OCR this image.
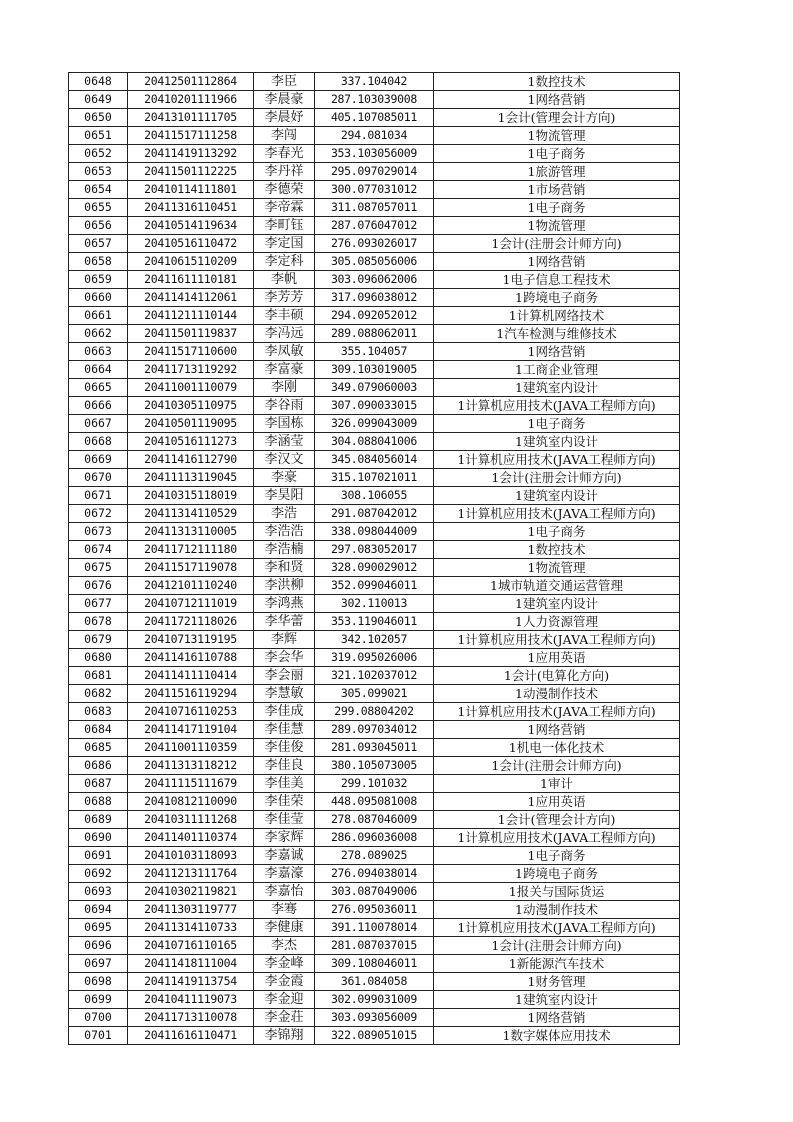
0648	20412501112864	李臣	337.104042	1数控技术
0649	20410201111966	李晨豪	287.103039008	1网络营销
0650	20413101111705	李晨妤	405.107085011	1会计(管理会计方向)
0651	20411517111258	李闯	294.081034	1物流管理
0652	20411419113292	李春光	353.103056009	1电子商务
0653	20411501112225	李丹祥	295.097029014	1旅游管理
0654	20410114111801	李德荣	300.077031012	1市场营销
0655	20411316110451	李帝霖	311.087057011	1电子商务
0656	20410514119634	李町钰	287.076047012	1物流管理
0657	20410516110472	李定国	276.093026017	1会计(注册会计师方向)
0658	20410615110209	李定科	305.085056006	1网络营销
0659	20411611110181	李帆	303.096062006	1电子信息工程技术
0660	20411414112061	李芳芳	317.096038012	1跨境电子商务
0661	20411211110144	李丰硕	294.092052012	1计算机网络技术
0662	20411501119837	李冯远	289.088062011	1汽车检测与维修技术
0663	20411517110600	李凤敏	355.104057	1网络营销
0664	20411713119292	李富豪	309.103019005	1工商企业管理
0665	20411001110079	李刚	349.079060003	1建筑室内设计
0666	20410305110975	李谷雨	307.090033015	1计算机应用技术(JAVA工程师方向)
0667	20410501119095	李国栋	326.099043009	1电子商务
0668	20410516111273	李涵莹	304.088041006	1建筑室内设计
0669	20411416112790	李汉文	345.084056014	1计算机应用技术(JAVA工程师方向)
0670	20411113119045	李豪	315.107021011	1会计(注册会计师方向)
0671	20410315118019	李昊阳	308.106055	1建筑室内设计
0672	20411314110529	李浩	291.087042012	1计算机应用技术(JAVA工程师方向)
0673	20411313110005	李浩浩	338.098044009	1电子商务
0674	20411712111180	李浩楠	297.083052017	1数控技术
0675	20411517119078	李和贤	328.090029012	1物流管理
0676	20412101110240	李洪柳	352.099046011	1城市轨道交通运营管理
0677	20410712111019	李鸿燕	302.110013	1建筑室内设计
0678	20411721118026	李华蕾	353.119046011	1人力资源管理
0679	20410713119195	李辉	342.102057	1计算机应用技术(JAVA工程师方向)
0680	20411416110788	李会华	319.095026006	1应用英语
0681	20411411110414	李会丽	321.102037012	1会计(电算化方向)
0682	20411516119294	李慧敏	305.099021	1动漫制作技术
0683	20410716110253	李佳成	299.08804202	1计算机应用技术(JAVA工程师方向)
0684	20411417119104	李佳慧	289.097034012	1网络营销
0685	20411001110359	李佳俊	281.093045011	1机电一体化技术
0686	20411313118212	李佳良	380.105073005	1会计(注册会计师方向)
0687	20411115111679	李佳美	299.101032	1审计
0688	20410812110090	李佳荣	448.095081008	1应用英语
0689	20410311111268	李佳莹	278.087046009	1会计(管理会计方向)
0690	20411401110374	李家辉	286.096036008	1计算机应用技术(JAVA工程师方向)
0691	20410103118093	李嘉诚	278.089025	1电子商务
0692	20411213111764	李嘉濠	276.094038014	1跨境电子商务
0693	20410302119821	李嘉怡	303.087049006	1报关与国际货运
0694	20411303119777	李骞	276.095036011	1动漫制作技术
0695	20411314110733	李健康	391.110078014	1计算机应用技术(JAVA工程师方向)
0696	20410716110165	李杰	281.087037015	1会计(注册会计师方向)
0697	20411418111004	李金峰	309.108046011	1新能源汽车技术
0698	20411419113754	李金霞	361.084058	1财务管理
0699	20410411119073	李金迎	302.099031009	1建筑室内设计
0700	20411713110078	李金荘	303.093056009	1网络营销
0701	20411616110471	李锦翔	322.089051015	1数字媒体应用技术
